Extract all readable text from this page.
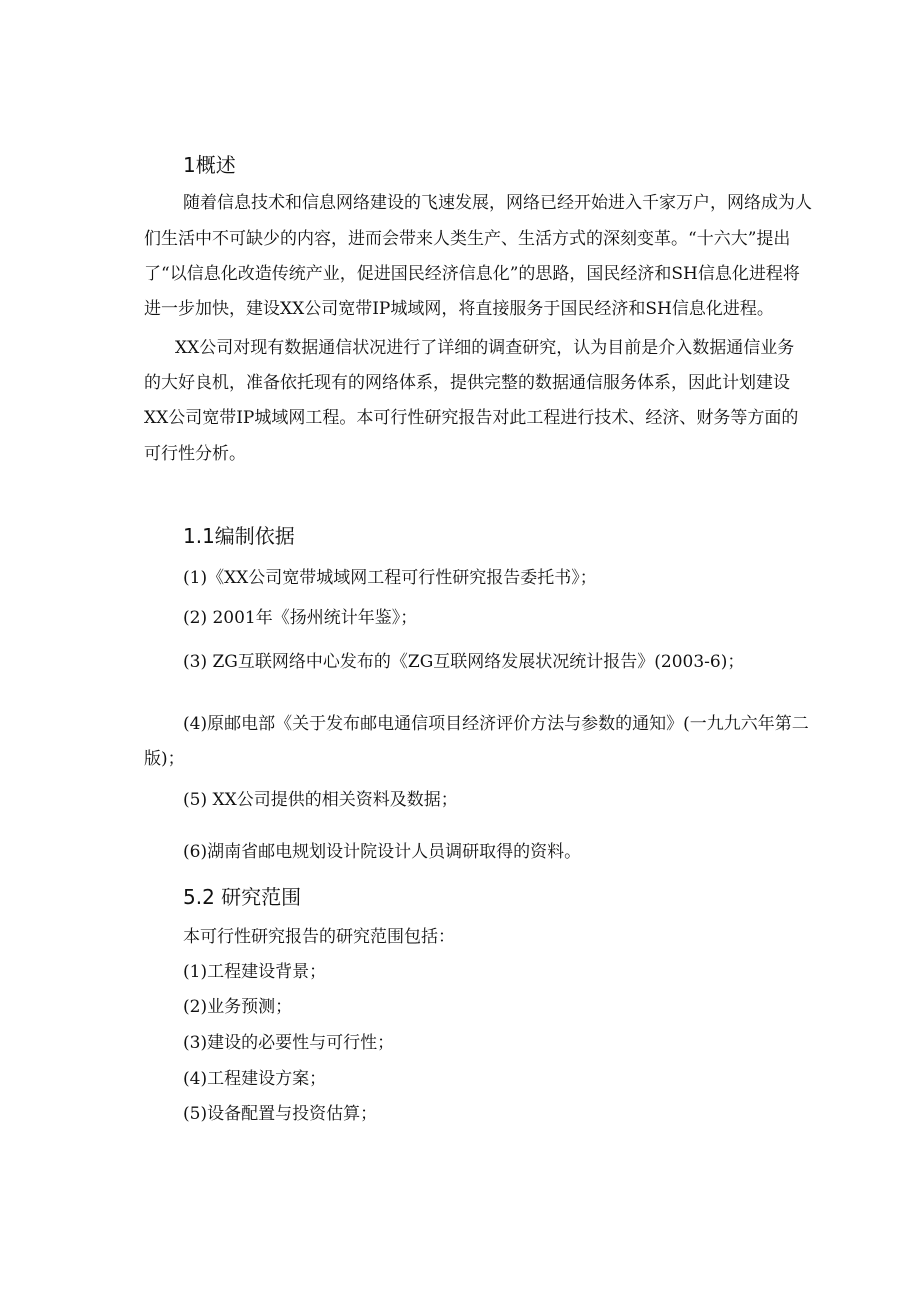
1概述

随着信息技术和信息网络建设的飞速发展，网络已经开始进入千家万户，网络成为人

们生活中不可缺少的内容，进而会带来人类生产、生活方式的深刻变革。“十六大”提出

了“以信息化改造传统产业，促进国民经济信息化”的思路，国民经济和SH信息化进程将

进一步加快，建设XX公司宽带IP城域网，将直接服务于国民经济和SH信息化进程。

XX公司对现有数据通信状况进行了详细的调查研究，认为目前是介入数据通信业务

的大好良机，准备依托现有的网络体系，提供完整的数据通信服务体系，因此计划建设

XX公司宽带IP城域网工程。本可行性研究报告对此工程进行技术、经济、财务等方面的

可行性分析。

1.1编制依据

(1)《XX公司宽带城域网工程可行性研究报告委托书》；

(2) 2001年《扬州统计年鉴》；

(3) ZG互联网络中心发布的《ZG互联网络发展状况统计报告》(2003-6)；

(4)原邮电部《关于发布邮电通信项目经济评价方法与参数的通知》(一九九六年第二

版)；

(5) XX公司提供的相关资料及数据；

(6)湖南省邮电规划设计院设计人员调研取得的资料。

5.2 研究范围

本可行性研究报告的研究范围包括：

(1)工程建设背景；

(2)业务预测；

(3)建设的必要性与可行性；

(4)工程建设方案；

(5)设备配置与投资估算；
